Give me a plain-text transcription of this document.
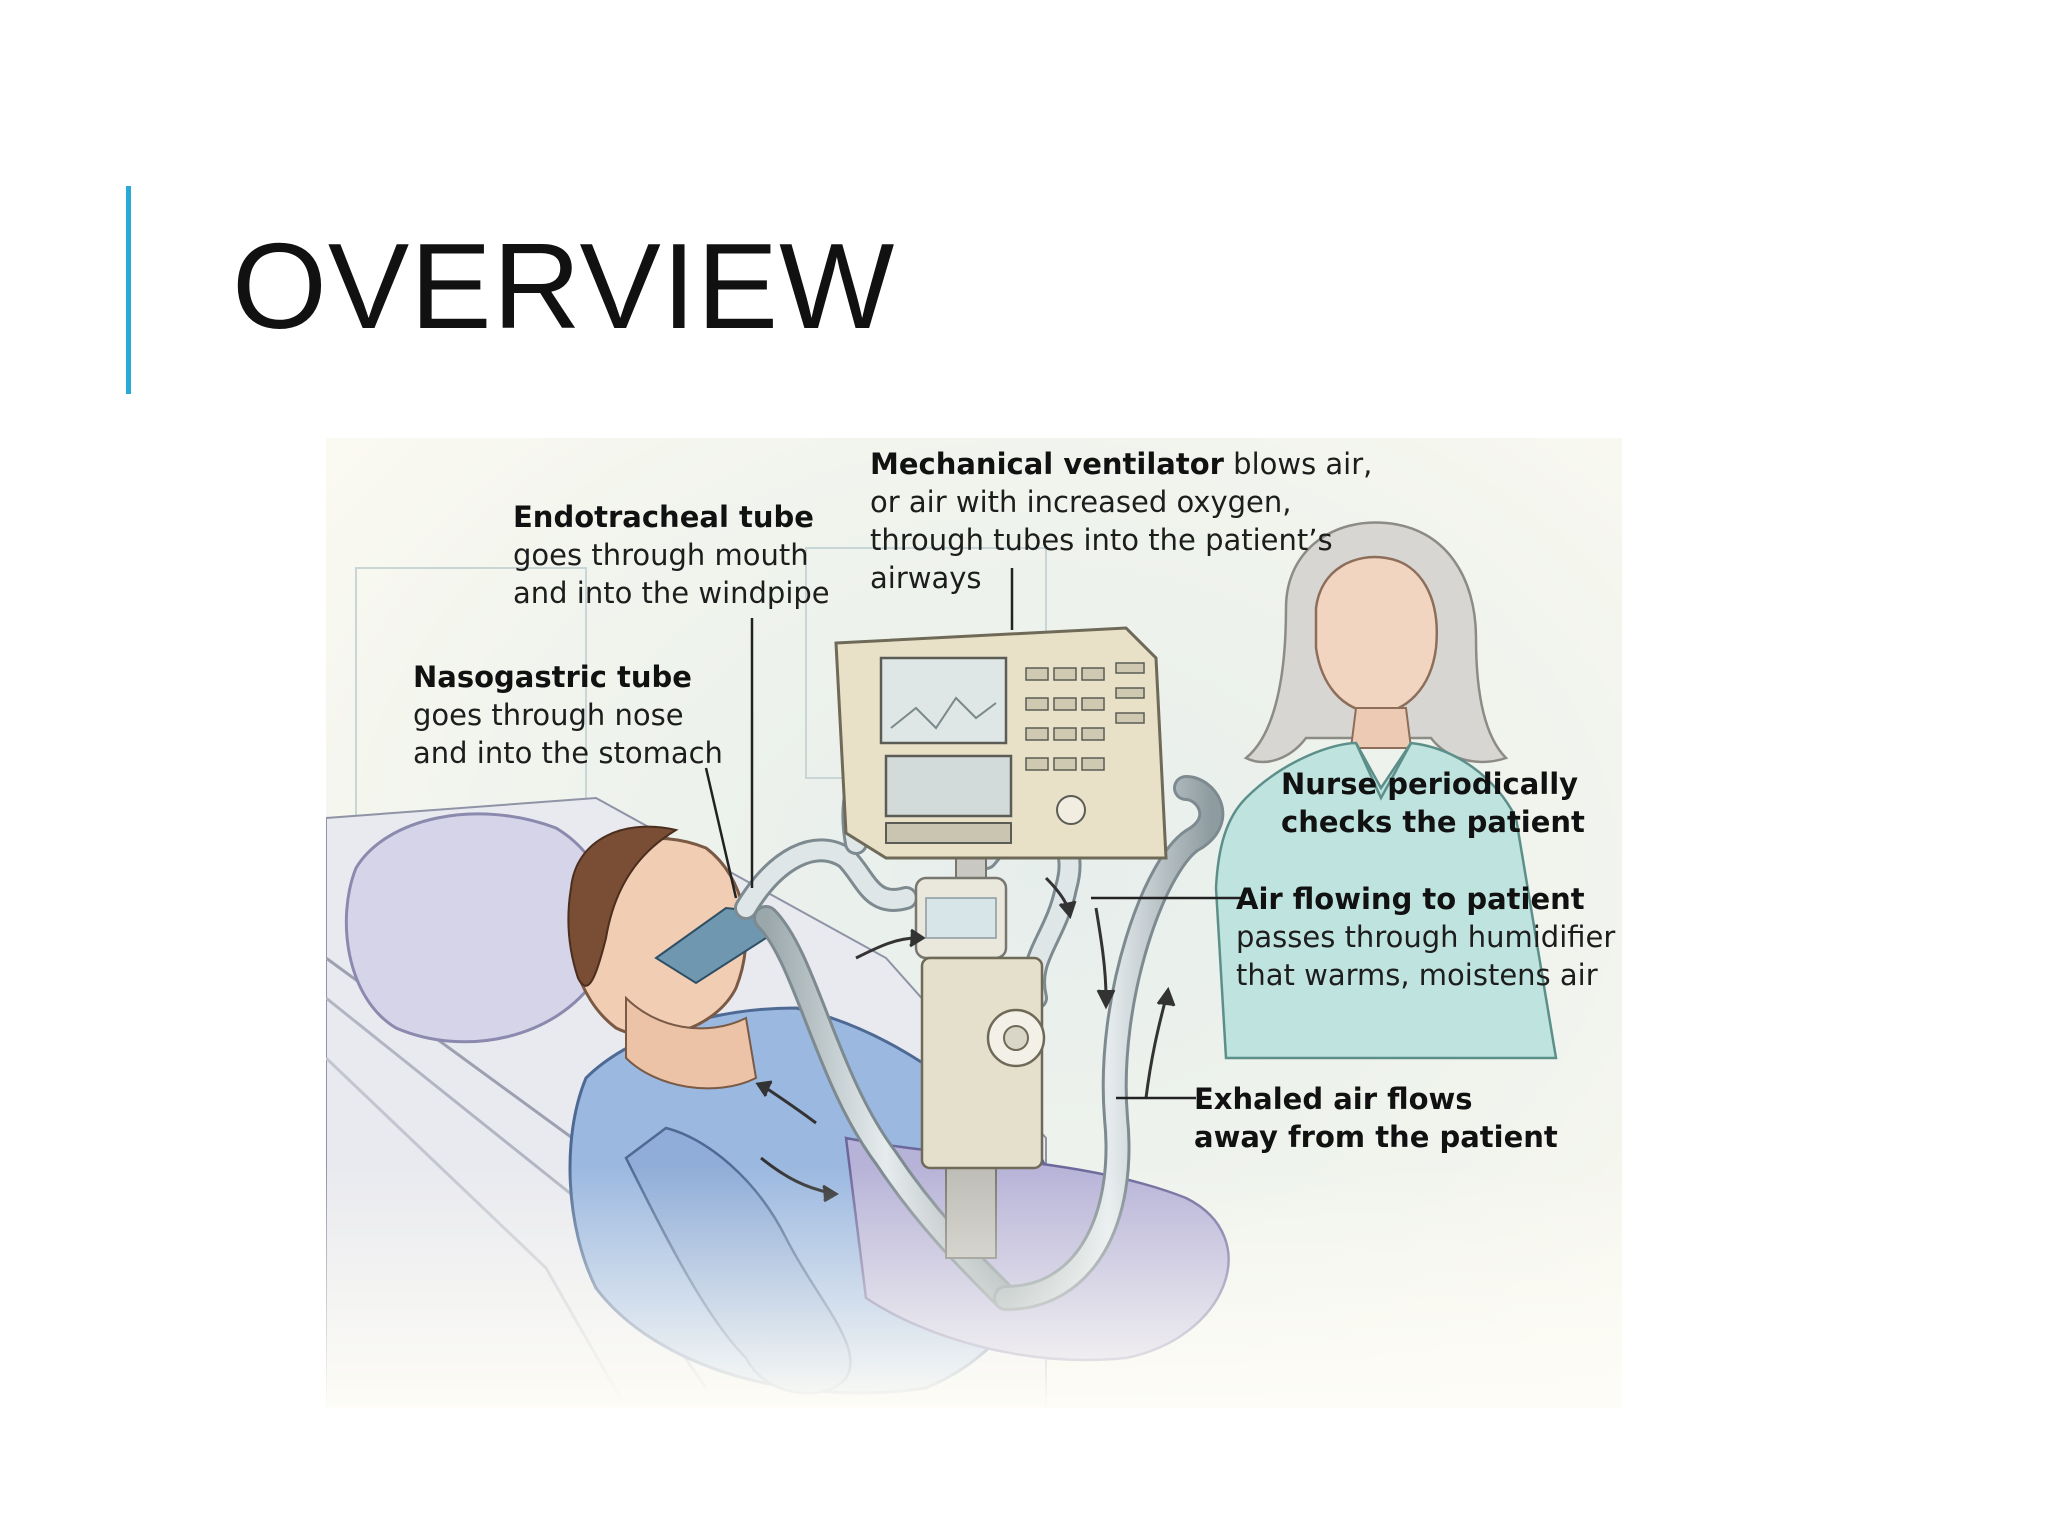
OVERVIEW
Mechanical ventilator blows air,
or air with increased oxygen,
through tubes into the patient’s
airways
Endotracheal tube
goes through mouth
and into the windpipe
Nasogastric tube
goes through nose
and into the stomach
Nurse periodically
checks the patient
Air flowing to patient
passes through humidifier
that warms, moistens air
Exhaled air flows
away from the patient
